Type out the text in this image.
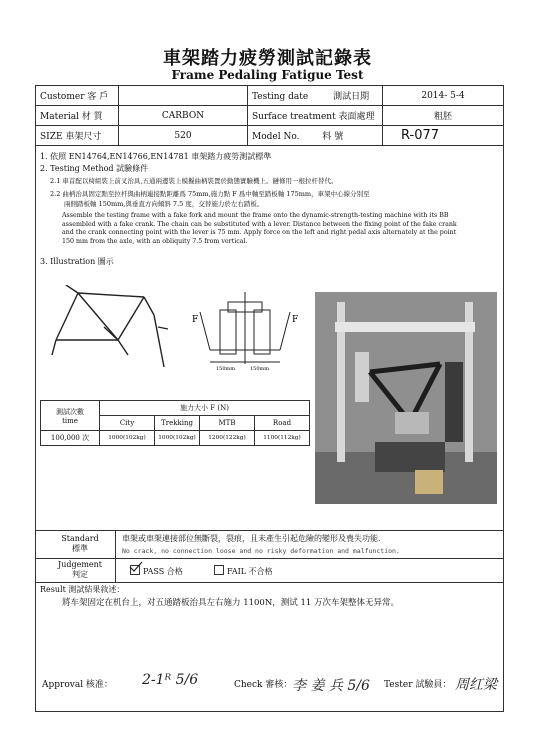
車架踏力疲勞測試記錄表
Frame Pedaling Fatigue Test
Customer 客 戶		Testing date 測試日期	2014- 5-4
Material 材 質	CARBON	Surface treatment 表面處理	粗胚
SIZE 車架尺寸	520	Model No. 料 號	R-077
1. 依照 EN14764,EN14766,EN14781 車架踏力疲勞測試標準
2. Testing Method 試驗條件
2.1 車首配以椅組裝上前叉治具,五通兩邊裝上模擬曲柄裝置於動態實驗機上。鏈條用一根拉杆替代。
2.2 曲柄治具固定點至拉杆與曲柄連接點距離爲 75mm,施力點 F 爲中軸至踏板軸 175mm，車架中心線分別至
兩側踏板軸 150mm,與垂直方向傾斜 7.5 度，交替施力於左右踏板。
Assemble the testing frame with a fake fork and mount the frame onto the dynamic-strength-testing machine with its BB
assembled with a fake crank. The chain can be substituted with a lever. Distance between the fixing point of the fake crank
and the crank connecting point with the lever is 75 mm. Apply force on the left and right pedal axis alternately at the point
150 mm from the axle, with an obliquity 7.5 from vertical.
3. Illustration 圖示
F	F
150mm	150mm
測試次數
time	施力大小 F (N)			
	City	Trekking	MTB	Road
100,000 次	1000(102kg)	1000(102kg)	1200(122kg)	1100(112kg)
Standard
標準
車架或車架連接部位無斷裂，裂痕，且未產生引起危險的變形及喪失功能.
No crack, no connection loose and no risky deformation and malfunction.
Judgement
判定	PASS 合格	FAIL 不合格
Result 測試結果敘述：
將车架固定在机台上，对五通踏板治具左右施力 1100N，测试 11 万次车架整体无异常。
Approval 核准： 2-1ᴿ 5/6	Check 審核： 李 姜 兵 5/6 Tester 試驗員： 周红梁
